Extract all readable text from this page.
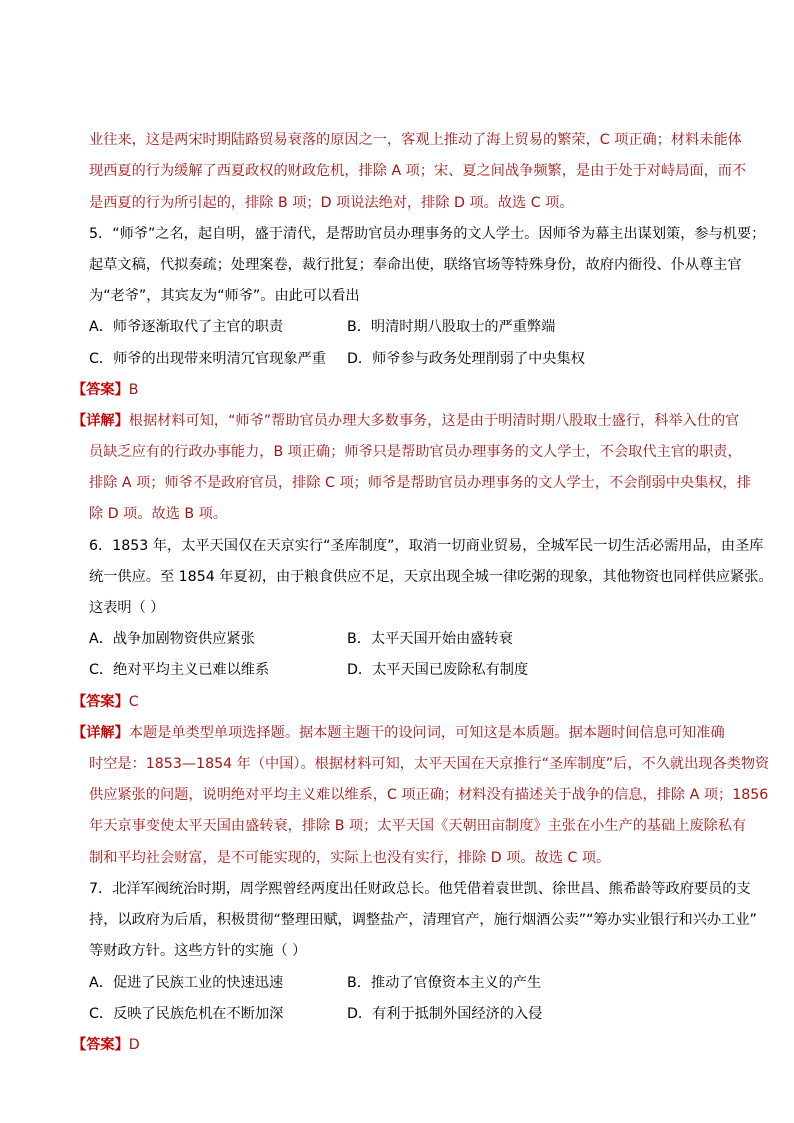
业往来，这是两宋时期陆路贸易衰落的原因之一，客观上推动了海上贸易的繁荣，C 项正确；材料未能体
现西夏的行为缓解了西夏政权的财政危机，排除 A 项；宋、夏之间战争频繁，是由于处于对峙局面，而不
是西夏的行为所引起的，排除 B 项；D 项说法绝对，排除 D 项。故选 C 项。
5．“师爷”之名，起自明，盛于清代，是帮助官员办理事务的文人学士。因师爷为幕主出谋划策，参与机要；
起草文稿，代拟奏疏；处理案卷，裁行批复；奉命出使，联络官场等特殊身份，故府内衙役、仆从尊主官
为“老爷”，其宾友为“师爷”。由此可以看出
A．师爷逐渐取代了主官的职责	B．明清时期八股取士的严重弊端
C．师爷的出现带来明清冗官现象严重 D．师爷参与政务处理削弱了中央集权
【答案】B
【详解】根据材料可知，“师爷”帮助官员办理大多数事务，这是由于明清时期八股取士盛行，科举入仕的官
员缺乏应有的行政办事能力，B 项正确；师爷只是帮助官员办理事务的文人学士，不会取代主官的职责，
排除 A 项；师爷不是政府官员，排除 C 项；师爷是帮助官员办理事务的文人学士，不会削弱中央集权，排
除 D 项。故选 B 项。
6．1853 年，太平天国仅在天京实行“圣库制度”，取消一切商业贸易，全城军民一切生活必需用品，由圣库
统一供应。至 1854 年夏初，由于粮食供应不足，天京出现全城一律吃粥的现象，其他物资也同样供应紧张。
这表明（ ）
A．战争加剧物资供应紧张	B．太平天国开始由盛转衰
C．绝对平均主义已难以维系	D．太平天国已废除私有制度
【答案】C
【详解】本题是单类型单项选择题。据本题主题干的设问词，可知这是本质题。据本题时间信息可知准确
时空是：1853—1854 年（中国）。根据材料可知，太平天国在天京推行“圣库制度”后，不久就出现各类物资
供应紧张的问题，说明绝对平均主义难以维系，C 项正确；材料没有描述关于战争的信息，排除 A 项；1856
年天京事变使太平天国由盛转衰，排除 B 项；太平天国《天朝田亩制度》主张在小生产的基础上废除私有
制和平均社会财富，是不可能实现的，实际上也没有实行，排除 D 项。故选 C 项。
7．北洋军阀统治时期，周学熙曾经两度出任财政总长。他凭借着袁世凯、徐世昌、熊希龄等政府要员的支
持，以政府为后盾，积极贯彻“整理田赋，调整盐产，清理官产，施行烟酒公卖”“筹办实业银行和兴办工业”
等财政方针。这些方针的实施（ ）
A．促进了民族工业的快速迅速	B．推动了官僚资本主义的产生
C．反映了民族危机在不断加深	D．有利于抵制外国经济的入侵
【答案】D
